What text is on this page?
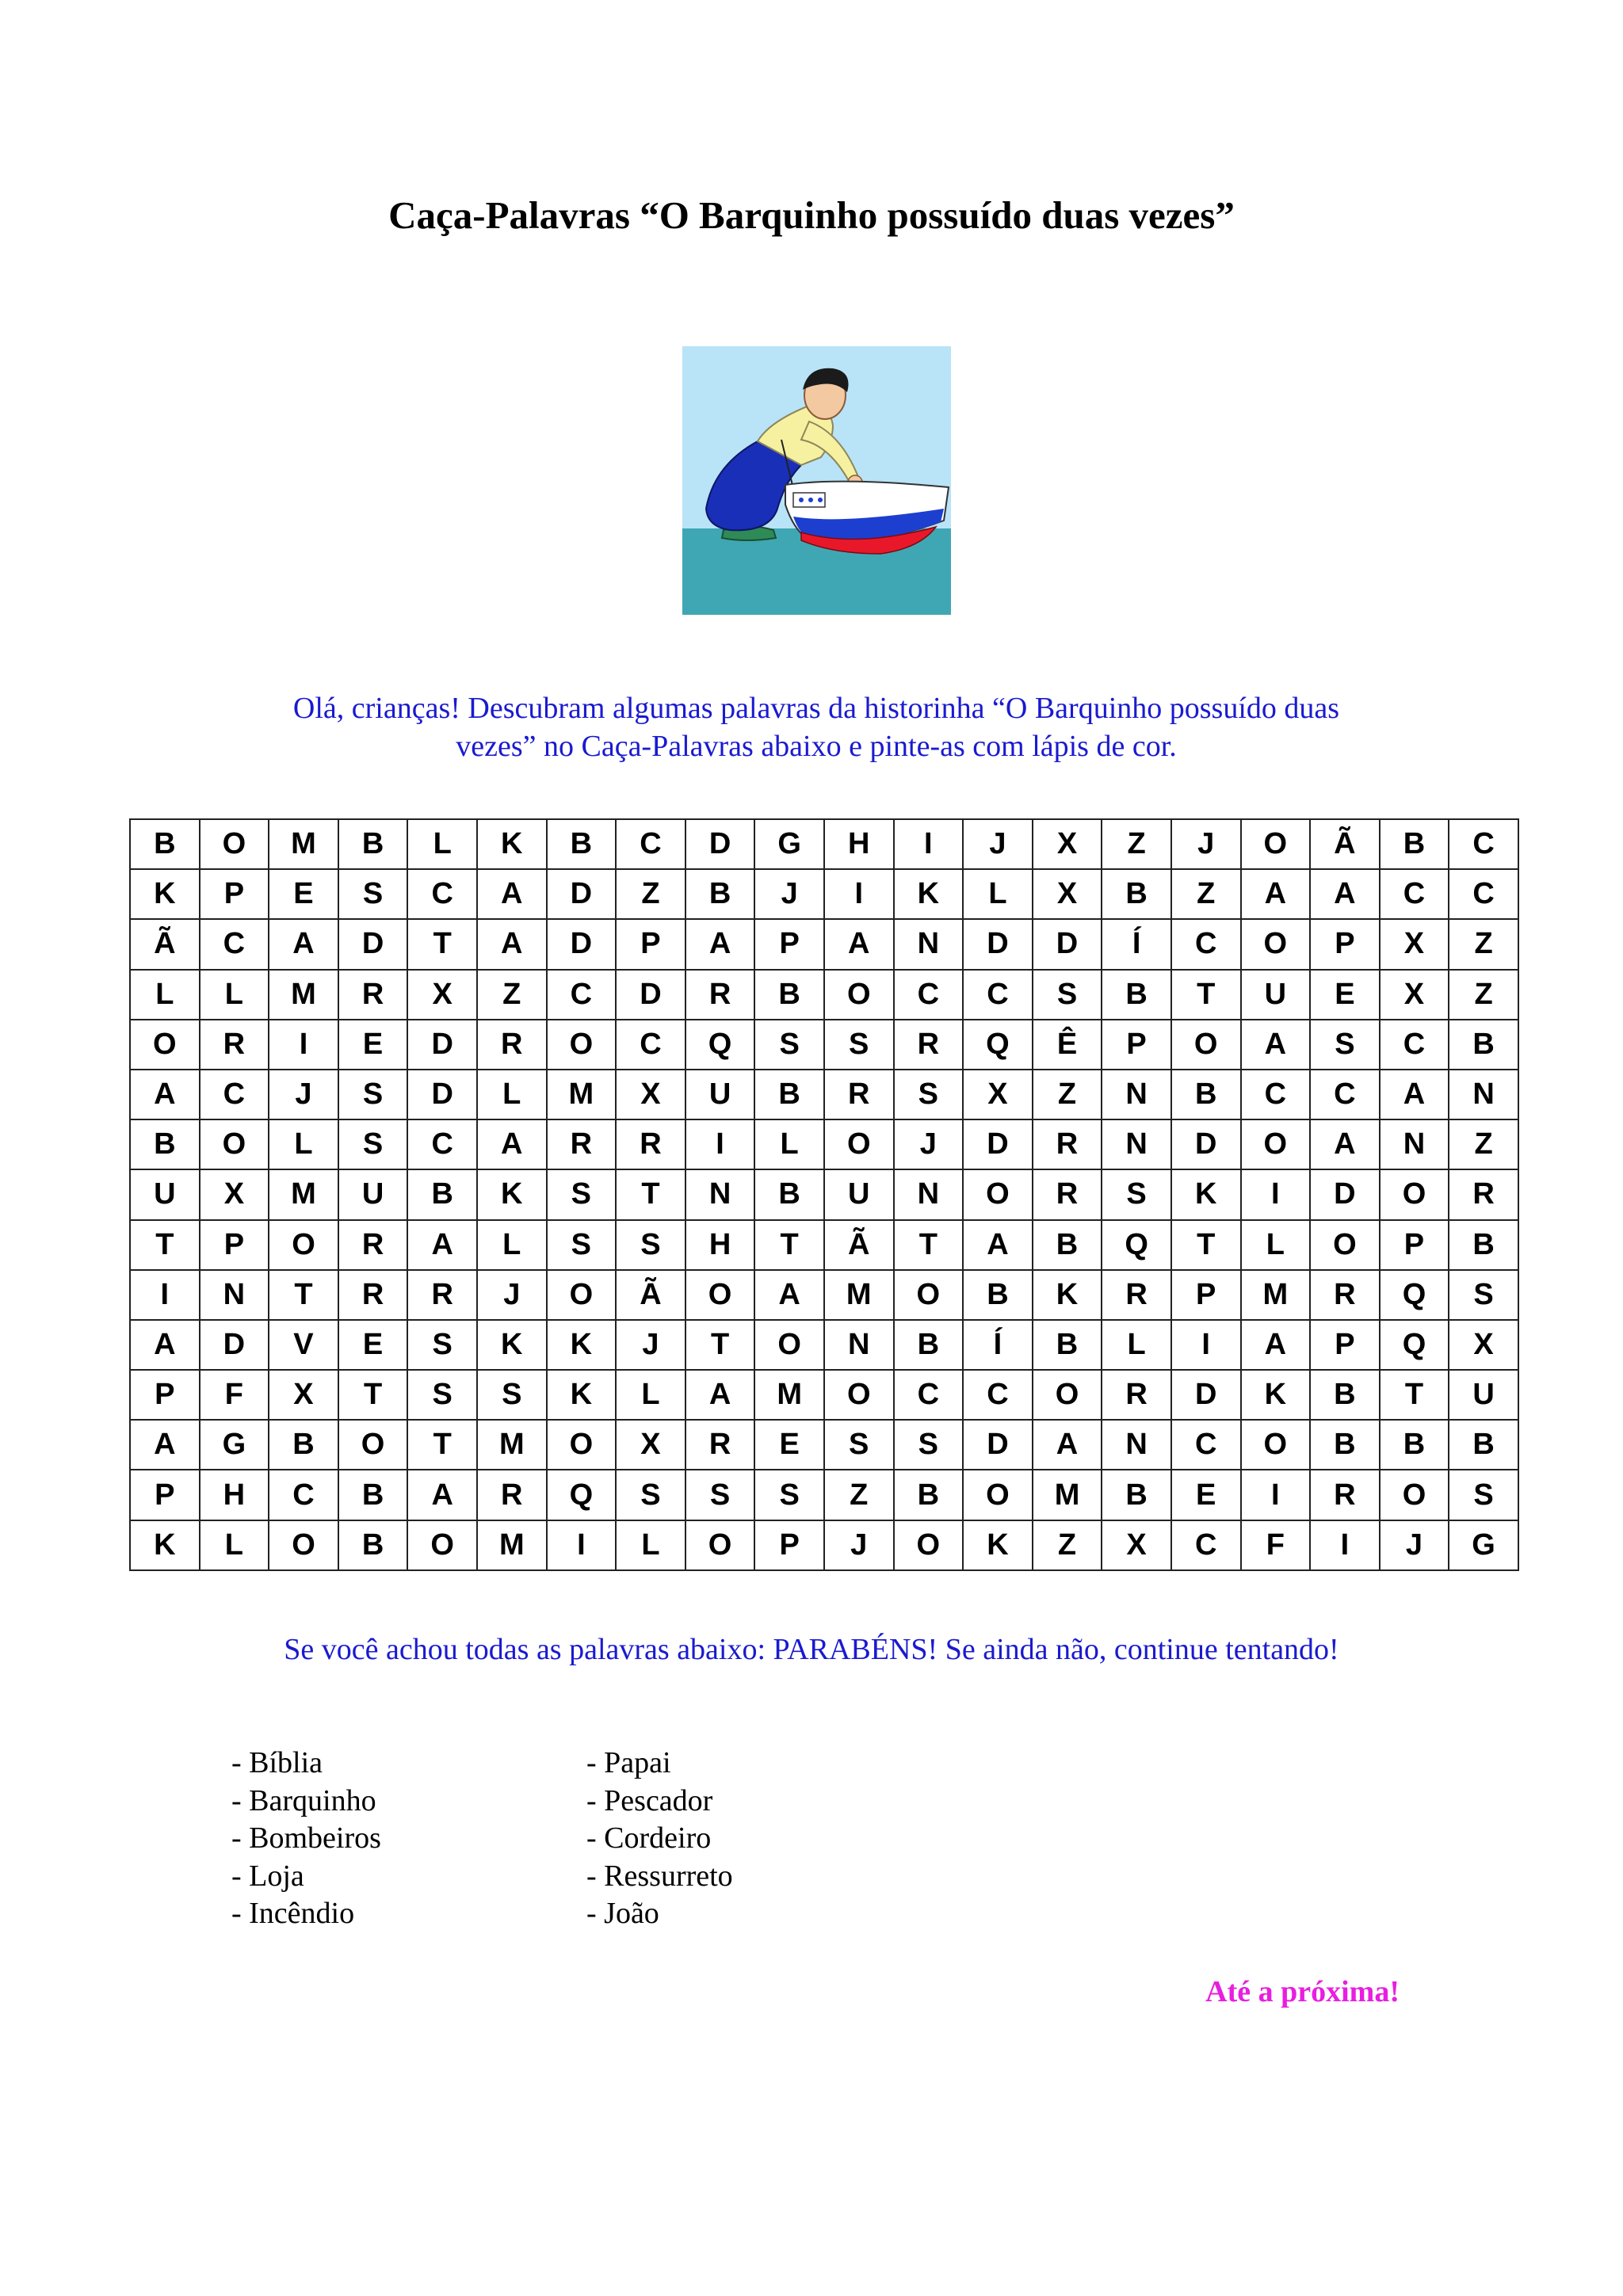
Caça-Palavras “O Barquinho possuído duas vezes”
Olá, crianças! Descubram algumas palavras da historinha “O Barquinho possuído duas
vezes” no Caça-Palavras abaixo e pinte-as com lápis de cor.
B	O	M	B	L	K	B	C	D	G	H	I	J	X	Z	J	O	Ã	B	C
K	P	E	S	C	A	D	Z	B	J	I	K	L	X	B	Z	A	A	C	C
Ã	C	A	D	T	A	D	P	A	P	A	N	D	D	Í	C	O	P	X	Z
L	L	M	R	X	Z	C	D	R	B	O	C	C	S	B	T	U	E	X	Z
O	R	I	E	D	R	O	C	Q	S	S	R	Q	Ê	P	O	A	S	C	B
A	C	J	S	D	L	M	X	U	B	R	S	X	Z	N	B	C	C	A	N
B	O	L	S	C	A	R	R	I	L	O	J	D	R	N	D	O	A	N	Z
U	X	M	U	B	K	S	T	N	B	U	N	O	R	S	K	I	D	O	R
T	P	O	R	A	L	S	S	H	T	Ã	T	A	B	Q	T	L	O	P	B
I	N	T	R	R	J	O	Ã	O	A	M	O	B	K	R	P	M	R	Q	S
A	D	V	E	S	K	K	J	T	O	N	B	Í	B	L	I	A	P	Q	X
P	F	X	T	S	S	K	L	A	M	O	C	C	O	R	D	K	B	T	U
A	G	B	O	T	M	O	X	R	E	S	S	D	A	N	C	O	B	B	B
P	H	C	B	A	R	Q	S	S	S	Z	B	O	M	B	E	I	R	O	S
K	L	O	B	O	M	I	L	O	P	J	O	K	Z	X	C	F	I	J	G
Se você achou todas as palavras abaixo: PARABÉNS! Se ainda não, continue tentando!
- Bíblia
- Barquinho
- Bombeiros
- Loja
- Incêndio
- Papai
- Pescador
- Cordeiro
- Ressurreto
- João
Até a próxima!
